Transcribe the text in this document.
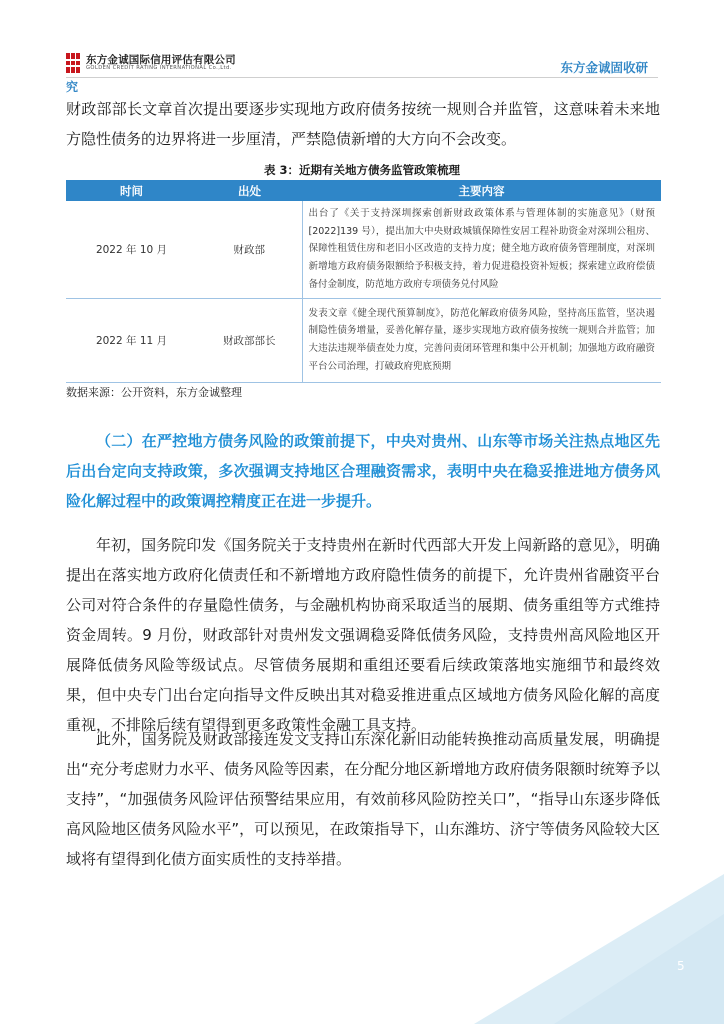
东方金诚国际信用评估有限公司
GOLDEN CREDIT RATING INTERNATIONAL Co.,Ltd.	东方金诚固收研
究

财政部部长文章首次提出要逐步实现地方政府债务按统一规则合并监管，这意味着未来地方隐性债务的边界将进一步厘清，严禁隐债新增的大方向不会改变。

表 3：近期有关地方债务监管政策梳理
时间	出处	主要内容
2022 年 10 月	财政部	出台了《关于支持深圳探索创新财政政策体系与管理体制的实施意见》（财预[2022]139 号），提出加大中央财政城镇保障性安居工程补助资金对深圳公租房、保障性租赁住房和老旧小区改造的支持力度；健全地方政府债务管理制度，对深圳新增地方政府债务限额给予积极支持，着力促进稳投资补短板；探索建立政府偿债备付金制度，防范地方政府专项债务兑付风险
2022 年 11 月	财政部部长	发表文章《健全现代预算制度》，防范化解政府债务风险，坚持高压监管，坚决遏制隐性债务增量，妥善化解存量，逐步实现地方政府债务按统一规则合并监管；加大违法违规举债查处力度，完善问责闭环管理和集中公开机制；加强地方政府融资平台公司治理，打破政府兜底预期
数据来源：公开资料，东方金诚整理

（二）在严控地方债务风险的政策前提下，中央对贵州、山东等市场关注热点地区先后出台定向支持政策，多次强调支持地区合理融资需求，表明中央在稳妥推进地方债务风险化解过程中的政策调控精度正在进一步提升。

年初，国务院印发《国务院关于支持贵州在新时代西部大开发上闯新路的意见》，明确提出在落实地方政府化债责任和不新增地方政府隐性债务的前提下，允许贵州省融资平台公司对符合条件的存量隐性债务，与金融机构协商采取适当的展期、债务重组等方式维持资金周转。9 月份，财政部针对贵州发文强调稳妥降低债务风险，支持贵州高风险地区开展降低债务风险等级试点。尽管债务展期和重组还要看后续政策落地实施细节和最终效果，但中央专门出台定向指导文件反映出其对稳妥推进重点区域地方债务风险化解的高度重视，不排除后续有望得到更多政策性金融工具支持。

此外，国务院及财政部接连发文支持山东深化新旧动能转换推动高质量发展，明确提出“充分考虑财力水平、债务风险等因素，在分配分地区新增地方政府债务限额时统筹予以支持”，“加强债务风险评估预警结果应用，有效前移风险防控关口”，“指导山东逐步降低高风险地区债务风险水平”，可以预见，在政策指导下，山东潍坊、济宁等债务风险较大区域将有望得到化债方面实质性的支持举措。

5
